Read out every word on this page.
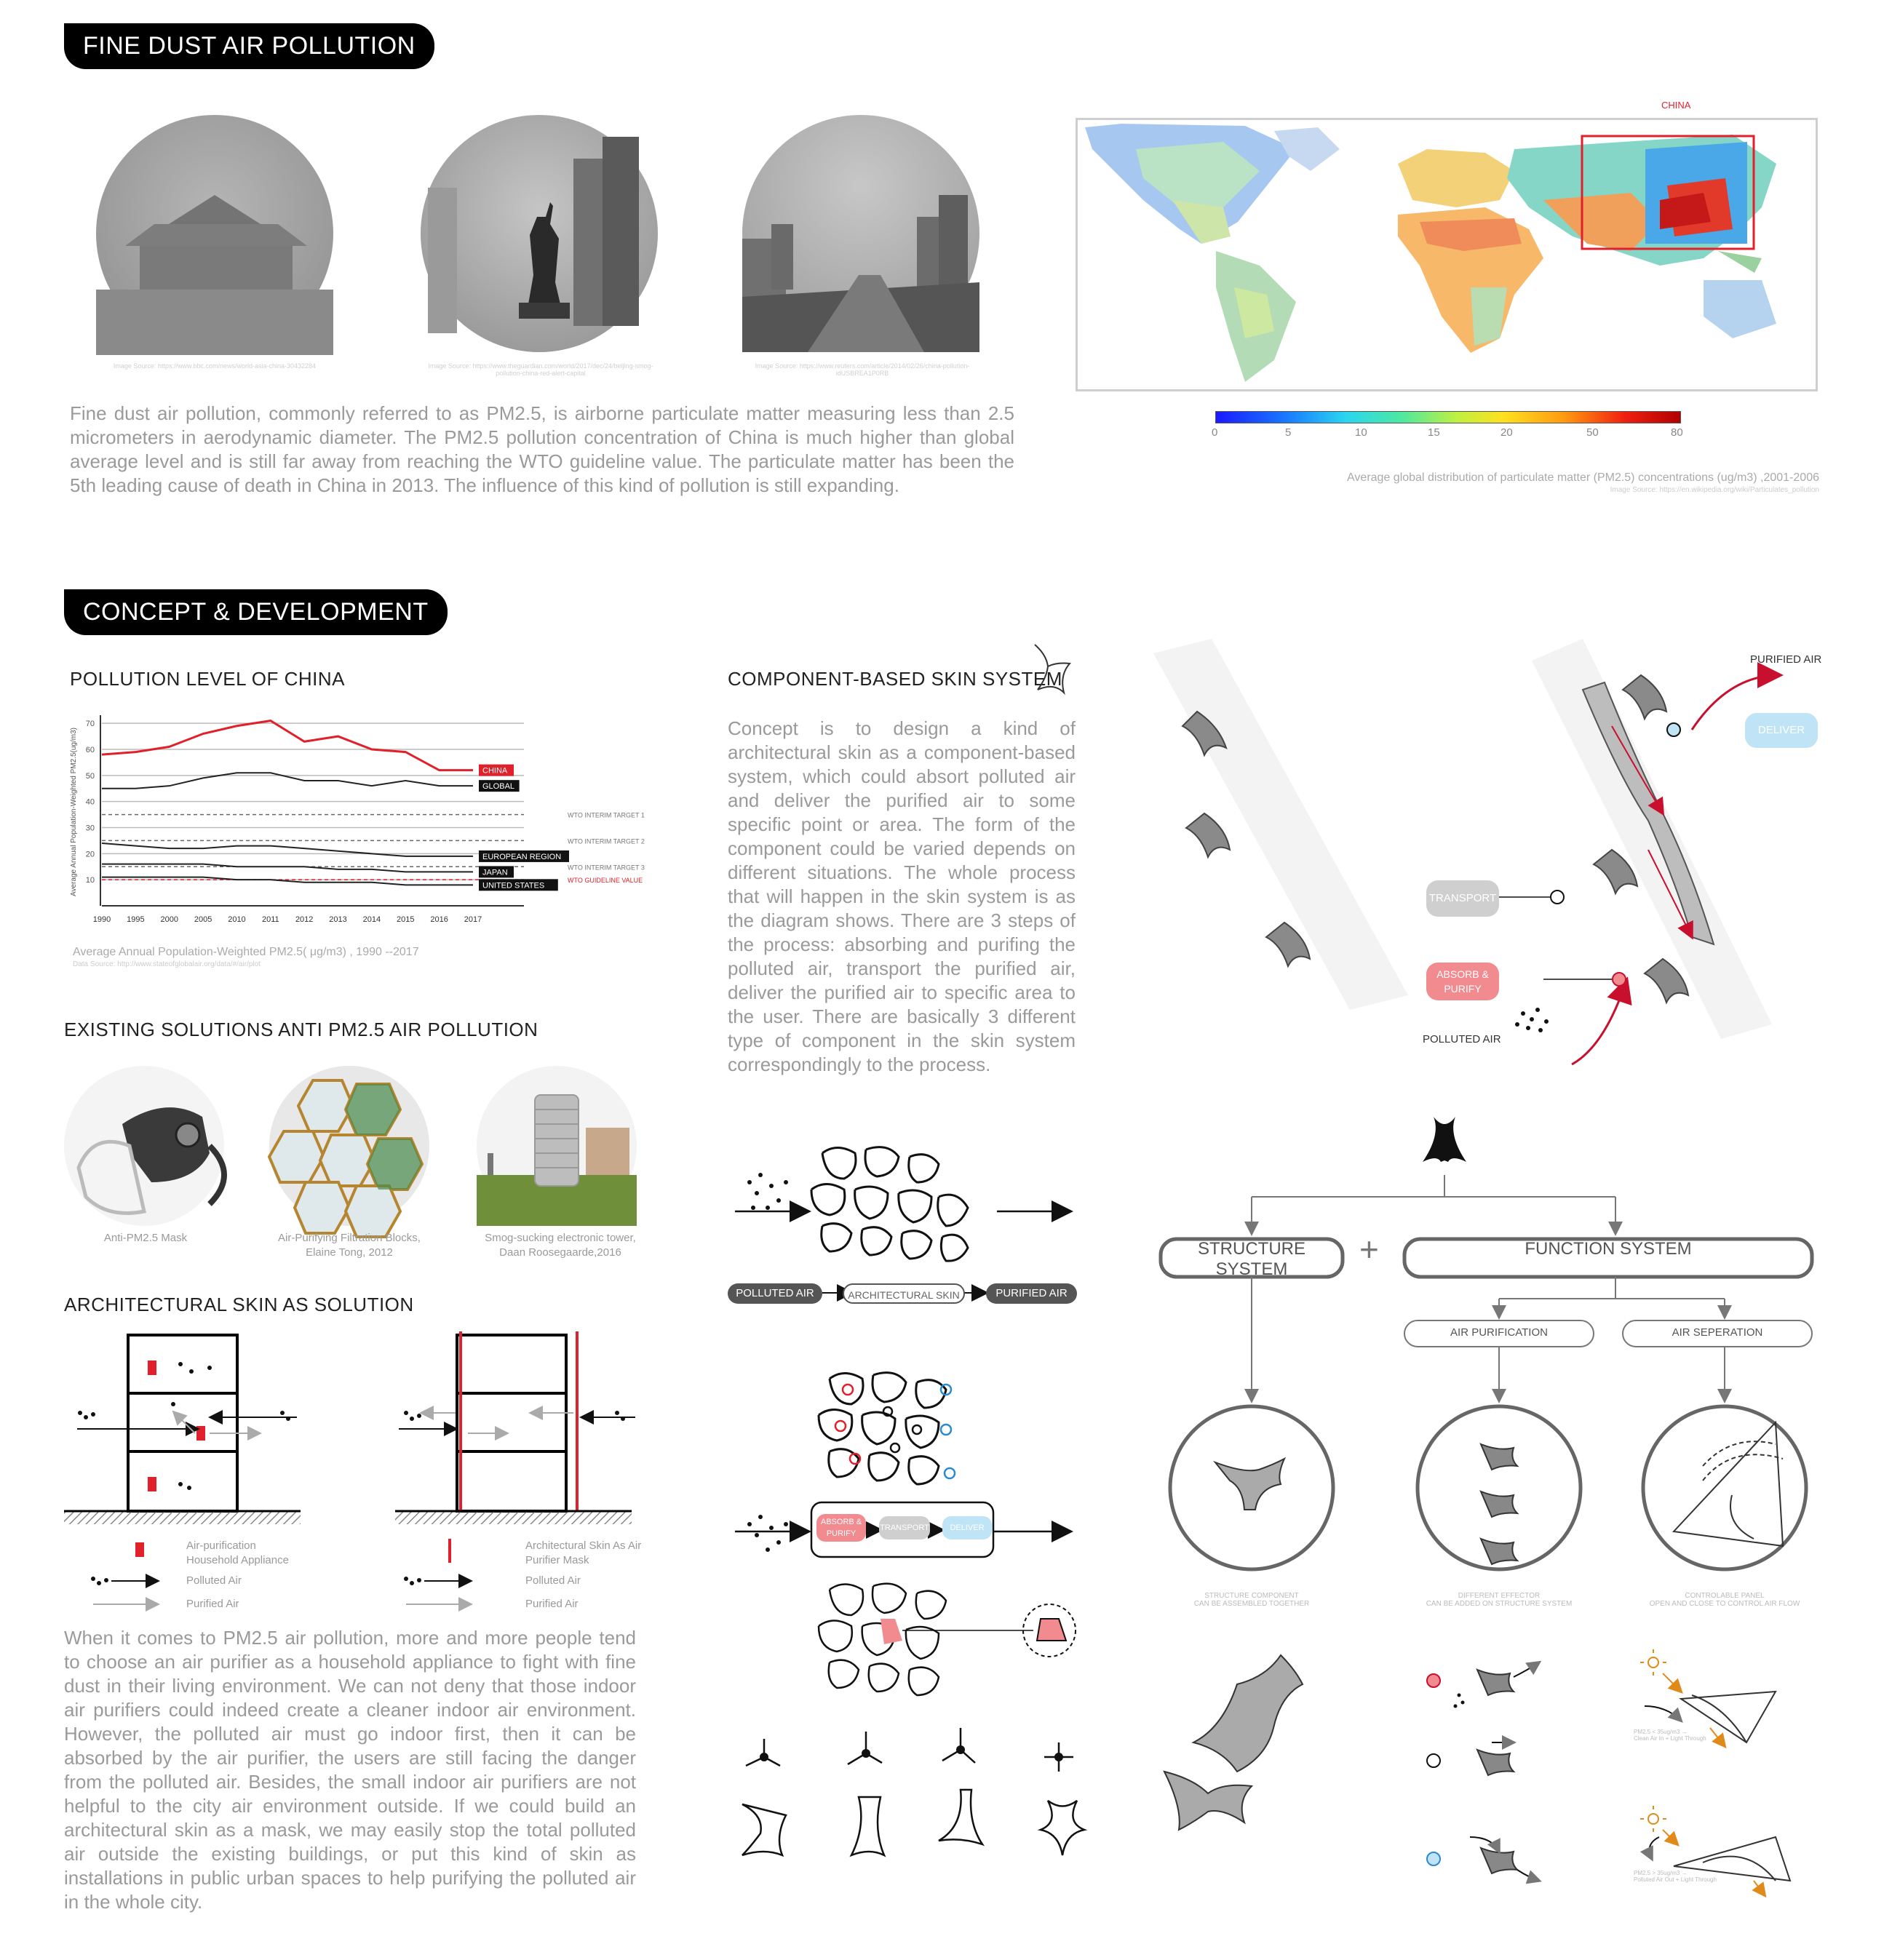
FINE DUST AIR POLLUTION
Image Source: https://www.bbc.com/news/world-asia-china-30432284	Image Source: https://www.theguardian.com/world/2017/dec/24/beijing-smog-pollution-china-red-alert-capital
Image Source: https://www.reuters.com/article/2014/02/26/china-pollution-idUSBREA1P0RB
Fine dust air pollution, commonly referred to as PM2.5, is airborne particulate matter measuring less than 2.5 micrometers in aerodynamic diameter. The PM2.5 pollution concentration of China is much higher than global average level and is still far away from reaching the WTO guideline value. The particulate matter has been the 5th leading cause of death in China in 2013. The influence of this kind of pollution is still expanding.
CHINA
0	5	10	15	20	50	80
Average global distribution of particulate matter (PM2.5) concentrations (ug/m3) ,2001-2006
Image Source: https://en.wikipedia.org/wiki/Particulates_pollution
CONCEPT & DEVELOPMENT
POLLUTION LEVEL OF CHINA
70
60
50
40
30
20
10
Average Annual Population-Weighted PM2.5(ug/m3)
1990 1995 2000 2005 2010 2011 2012 2013 2014 2015 2016 2017
WTO INTERIM TARGET 1
WTO INTERIM TARGET 2
WTO INTERIM TARGET 3
WTO GUIDELINE VALUE
CHINA
GLOBAL
EUROPEAN REGION
JAPAN
UNITED STATES
Average Annual Population-Weighted PM2.5( μg/m3) , 1990 --2017
Data Source: http://www.stateofglobalair.org/data/#/air/plot
EXISTING SOLUTIONS ANTI PM2.5 AIR POLLUTION
Anti-PM2.5 Mask	Air-Purifying Filtration Blocks, Elaine Tong, 2012
Smog-sucking electronic tower, Daan Roosegaarde,2016
ARCHITECTURAL SKIN AS SOLUTION
Air-purification Household Appliance
Polluted Air
Purified Air
Architectural Skin As Air Purifier Mask
Polluted Air
Purified Air
When it comes to PM2.5 air pollution, more and more people tend to choose an air purifier as a household appliance to fight with fine dust in their living environment. We can not deny that those indoor air purifiers could indeed create a cleaner indoor air environment. However, the polluted air must go indoor first, then it can be absorbed by the air purifier, the users are still facing the danger from the polluted air. Besides, the small indoor air purifiers are not helpful to the city air environment outside. If we could build an architectural skin as a mask, we may easily stop the total polluted air outside the existing buildings, or put this kind of skin as installations in public urban spaces to help purifying the polluted air in the whole city.
COMPONENT-BASED SKIN SYSTEM
Concept is to design a kind of architectural skin as a component-based system, which could absort polluted air and deliver the purified air to some specific point or area. The form of the component could be varied depends on different situations. The whole process that will happen in the skin system is as the diagram shows. There are 3 steps of the process: absorbing and purifing the polluted air, transport the purified air, deliver the purified air to specific area to the user. There are basically 3 different type of component in the skin system correspondingly to the process.
PURIFIED AIR
DELIVER
TRANSPORT
ABSORB & PURIFY
POLLUTED AIR
POLLUTED AIR	ARCHITECTURAL SKIN	PURIFIED AIR
ABSORB & PURIFY
TRANSPORT	DELIVER
STRUCTURE SYSTEM
+	FUNCTION SYSTEM
AIR PURIFICATION	AIR SEPERATION
STRUCTURE COMPONENT
CAN BE ASSEMBLED TOGETHER
DIFFERENT EFFECTOR
CAN BE ADDED ON STRUCTURE SYSTEM
CONTROLABLE PANEL
OPEN AND CLOSE TO CONTROL AIR FLOW
PM2.5 < 35ug/m3 →
Clean Air In + Light Through
PM2.5 > 35ug/m3 →
Polluted Air Out + Light Through
